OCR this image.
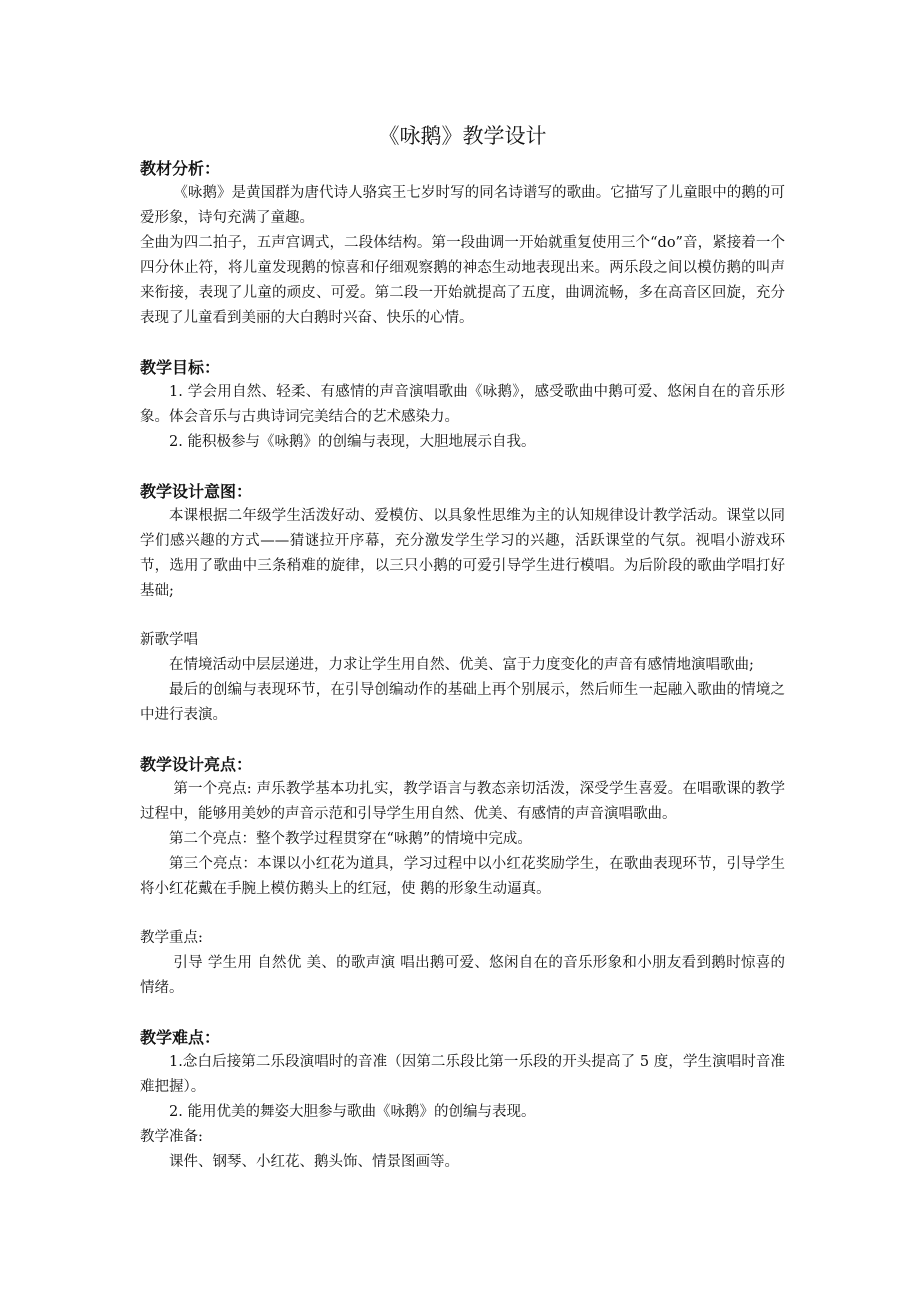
《咏鹅》教学设计
教材分析：

《咏鹅》是黄国群为唐代诗人骆宾王七岁时写的同名诗谱写的歌曲。它描写了儿童眼中的鹅的可爱形象，诗句充满了童趣。

全曲为四二拍子，五声宫调式，二段体结构。第一段曲调一开始就重复使用三个“do”音，紧接着一个四分休止符，将儿童发现鹅的惊喜和仔细观察鹅的神态生动地表现出来。两乐段之间以模仿鹅的叫声来衔接，表现了儿童的顽皮、可爱。第二段一开始就提高了五度，曲调流畅，多在高音区回旋，充分表现了儿童看到美丽的大白鹅时兴奋、快乐的心情。

教学目标：

1. 学会用自然、轻柔、有感情的声音演唱歌曲《咏鹅》，感受歌曲中鹅可爱、悠闲自在的音乐形象。体会音乐与古典诗词完美结合的艺术感染力。

2. 能积极参与《咏鹅》的创编与表现，大胆地展示自我。

教学设计意图：

本课根据二年级学生活泼好动、爱模仿、以具象性思维为主的认知规律设计教学活动。课堂以同学们感兴趣的方式——猜谜拉开序幕，充分激发学生学习的兴趣，活跃课堂的气氛。视唱小游戏环节，选用了歌曲中三条稍难的旋律，以三只小鹅的可爱引导学生进行模唱。为后阶段的歌曲学唱打好基础;

新歌学唱

在情境活动中层层递进，力求让学生用自然、优美、富于力度变化的声音有感情地演唱歌曲;

最后的创编与表现环节，在引导创编动作的基础上再个别展示，然后师生一起融入歌曲的情境之中进行表演。

教学设计亮点：

第一个亮点: 声乐教学基本功扎实，教学语言与教态亲切活泼，深受学生喜爱。在唱歌课的教学过程中，能够用美妙的声音示范和引导学生用自然、优美、有感情的声音演唱歌曲。

第二个亮点：整个教学过程贯穿在“咏鹅”的情境中完成。

第三个亮点：本课以小红花为道具，学习过程中以小红花奖励学生，在歌曲表现环节，引导学生将小红花戴在手腕上模仿鹅头上的红冠，使 鹅的形象生动逼真。

教学重点:

引导 学生用 自然优 美、的歌声演 唱出鹅可爱、悠闲自在的音乐形象和小朋友看到鹅时惊喜的情绪。

教学难点：

1.念白后接第二乐段演唱时的音准（因第二乐段比第一乐段的开头提高了 5 度，学生演唱时音准难把握）。

2. 能用优美的舞姿大胆参与歌曲《咏鹅》的创编与表现。

教学准备:

课件、钢琴、小红花、鹅头饰、情景图画等。
